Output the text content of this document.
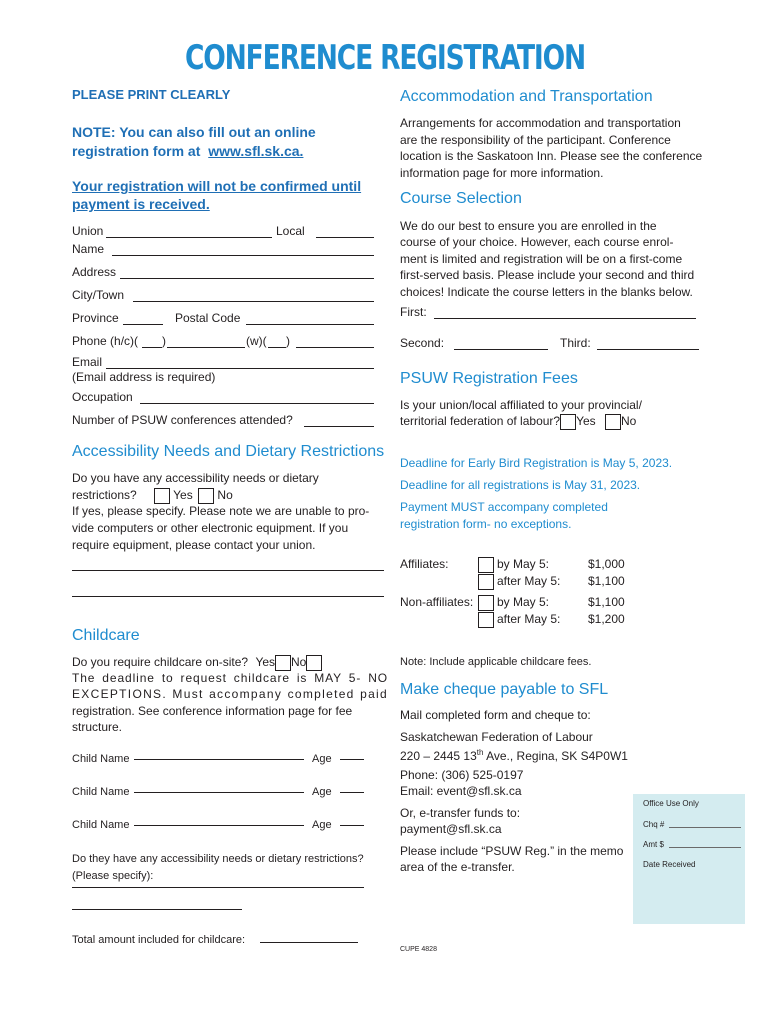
CONFERENCE REGISTRATION
PLEASE PRINT CLEARLY
NOTE: You can also fill out an online
registration form at www.sfl.sk.ca.
Your registration will not be confirmed until
payment is received.
Union	Local
Name
Address
City/Town
Province	Postal Code
Phone (h/c)( )	(w)( )
Email
(Email address is required)
Occupation
Number of PSUW conferences attended?
Accessibility Needs and Dietary Restrictions
Do you have any accessibility needs or dietary
restrictions?	Yes No
If yes, please specify. Please note we are unable to pro-
vide computers or other electronic equipment. If you
require equipment, please contact your union.
Childcare
Do you require childcare on-site? Yes No
The deadline to request childcare is MAY 5- NO
EXCEPTIONS. Must accompany completed paid
registration. See conference information page for fee
structure.
Child Name	Age
Child Name	Age
Child Name	Age
Do they have any accessibility needs or dietary restrictions?
(Please specify):
Total amount included for childcare:
Accommodation and Transportation
Arrangements for accommodation and transportation
are the responsibility of the participant. Conference
location is the Saskatoon Inn. Please see the conference
information page for more information.
Course Selection
We do our best to ensure you are enrolled in the
course of your choice. However, each course enrol-
ment is limited and registration will be on a first-come
first-served basis. Please include your second and third
choices! Indicate the course letters in the blanks below.
First:
Second:	Third:
PSUW Registration Fees
Is your union/local affiliated to your provincial/
territorial federation of labour? Yes No
Deadline for Early Bird Registration is May 5, 2023.
Deadline for all registrations is May 31, 2023.
Payment MUST accompany completed
registration form- no exceptions.
Affiliates:	by May 5:	$1,000
after May 5: $1,100
Non-affiliates: by May 5:	$1,100
after May 5: $1,200
Note: Include applicable childcare fees.
Make cheque payable to SFL
Mail completed form and cheque to:
Saskatchewan Federation of Labour
220 – 2445 13th Ave., Regina, SK S4P0W1
Phone: (306) 525-0197
Email: event@sfl.sk.ca
Or, e-transfer funds to:
payment@sfl.sk.ca
Please include “PSUW Reg.” in the memo
area of the e-transfer.
Office Use Only
Chq #
Amt $
Date Received
CUPE 4828
